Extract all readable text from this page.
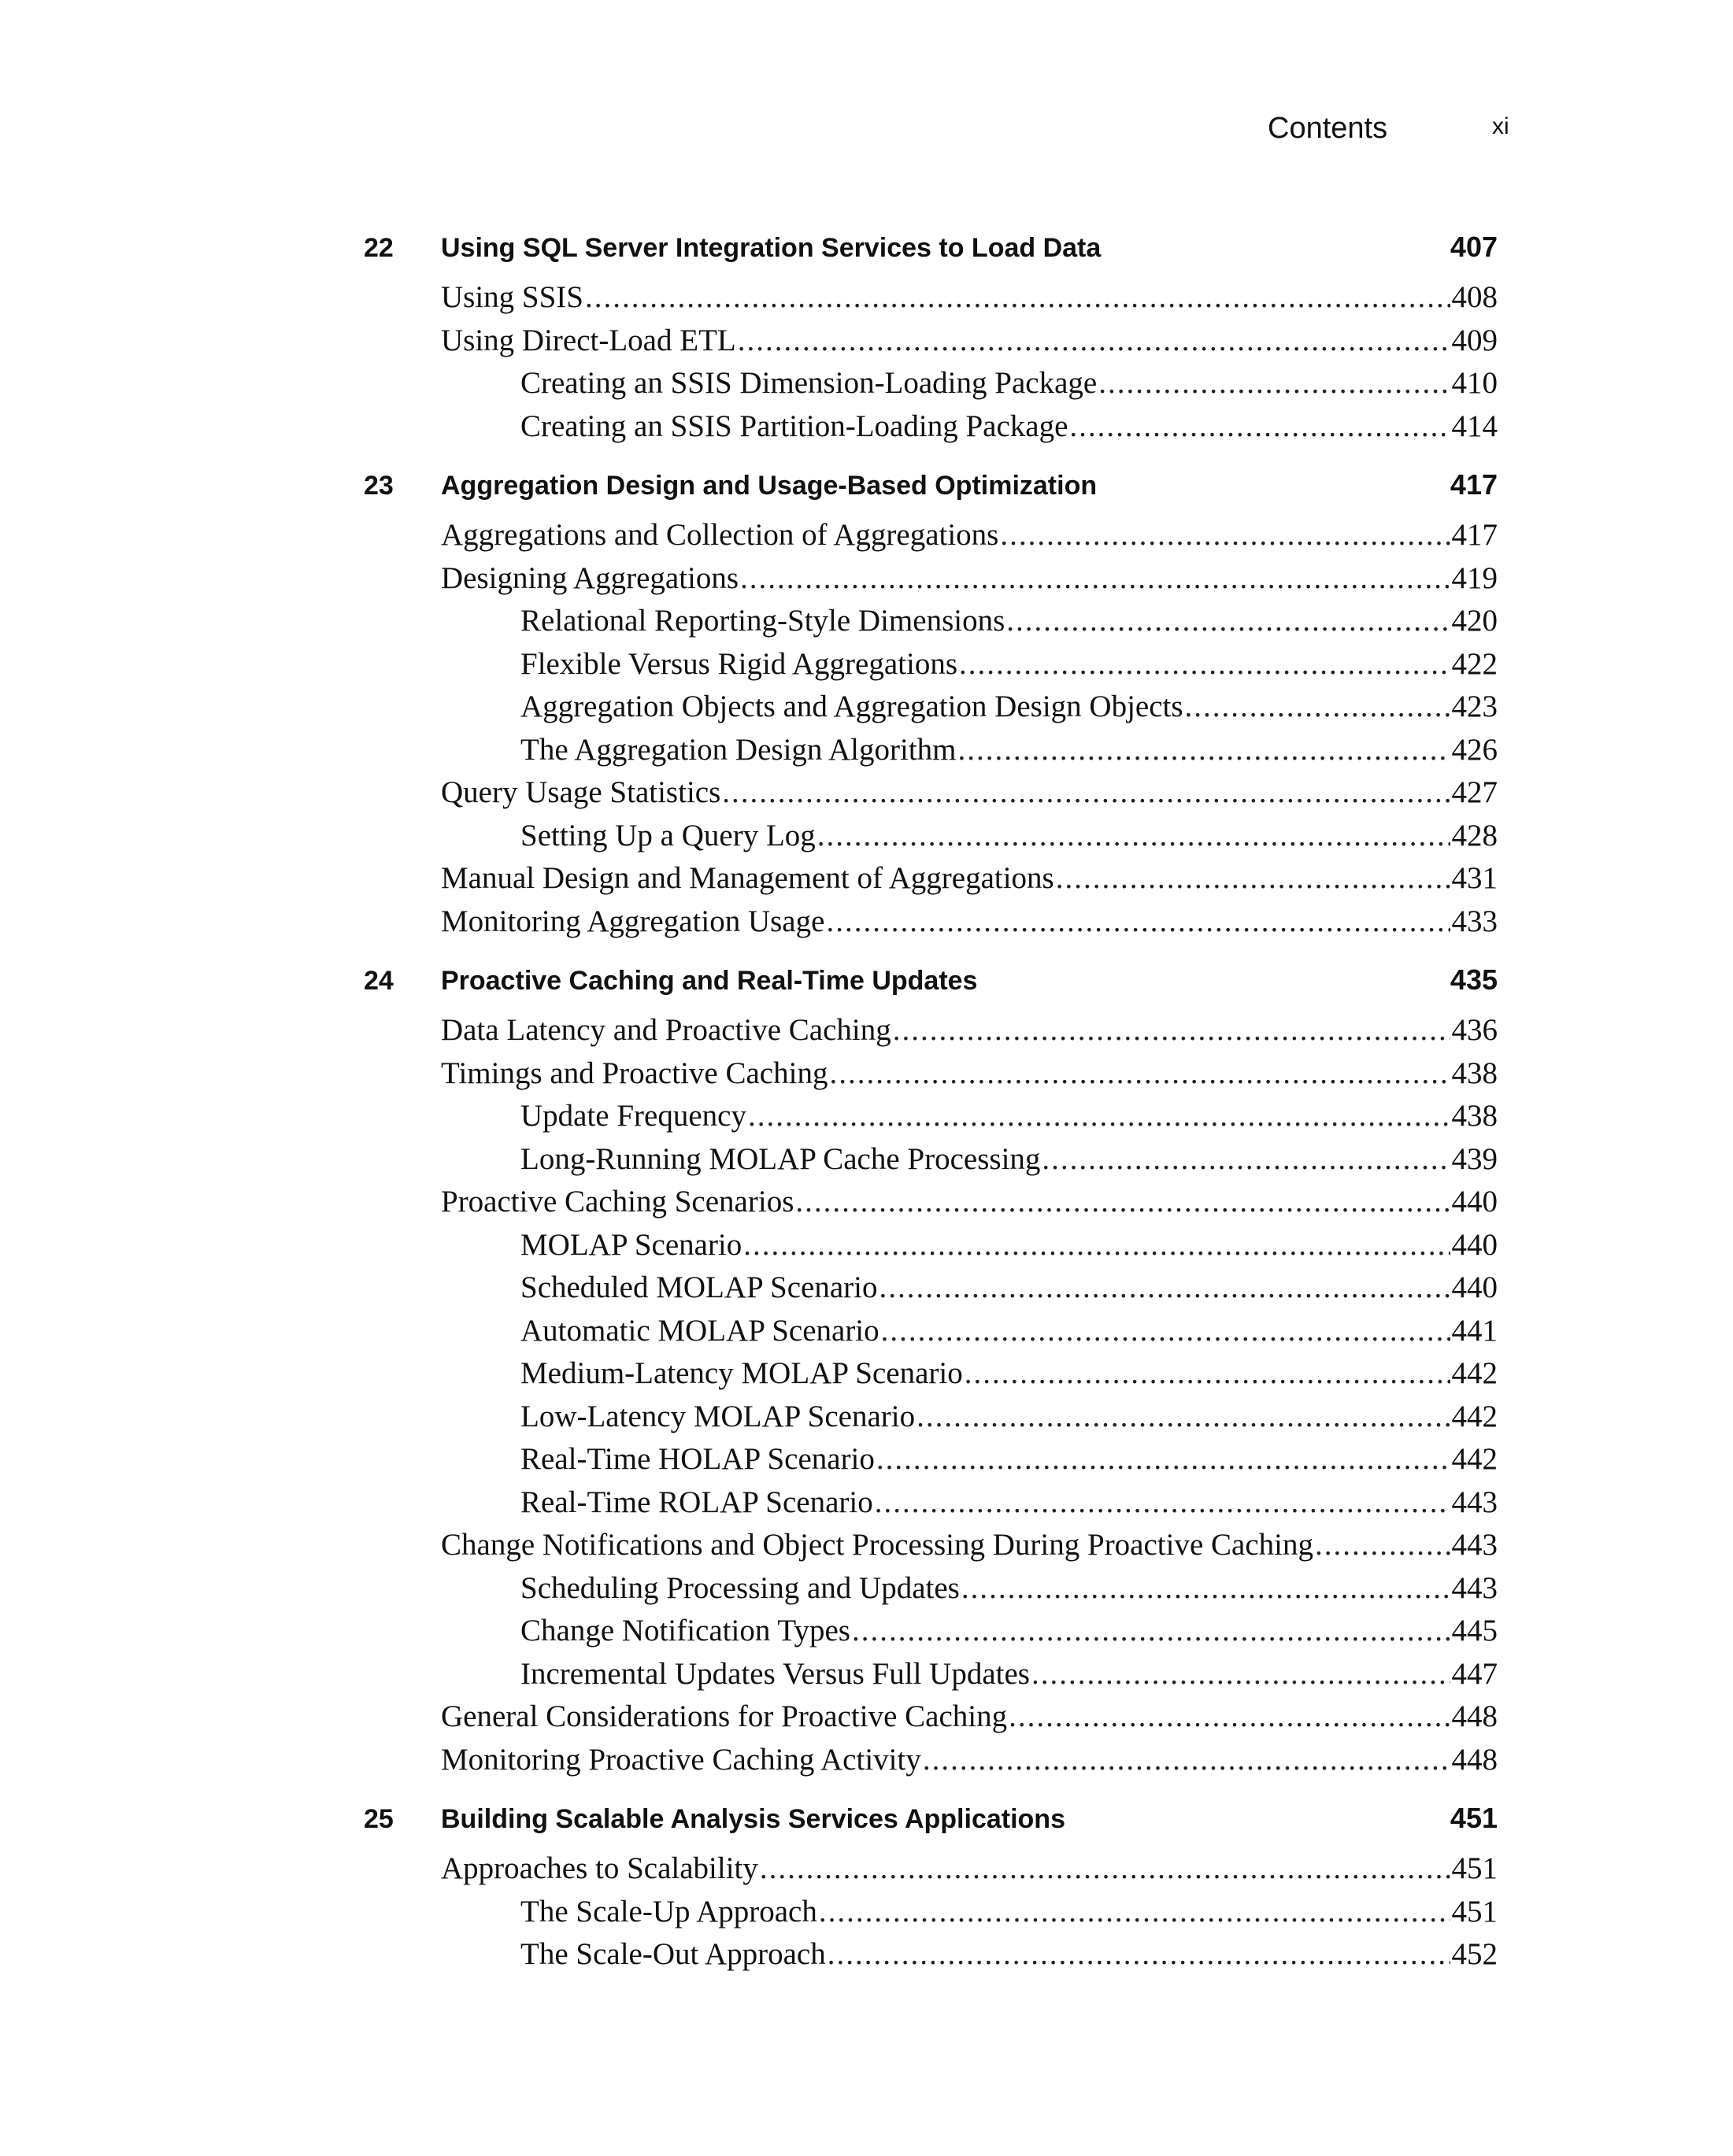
Contents	xi
22	Using SQL Server Integration Services to Load Data	407
Using SSIS .....	408
Using Direct-Load ETL .....	409
Creating an SSIS Dimension-Loading Package .....	410
Creating an SSIS Partition-Loading Package .....	414
23	Aggregation Design and Usage-Based Optimization	417
Aggregations and Collection of Aggregations .....	417
Designing Aggregations .....	419
Relational Reporting-Style Dimensions .....	420
Flexible Versus Rigid Aggregations .....	422
Aggregation Objects and Aggregation Design Objects .....	423
The Aggregation Design Algorithm .....	426
Query Usage Statistics .....	427
Setting Up a Query Log .....	428
Manual Design and Management of Aggregations .....	431
Monitoring Aggregation Usage .....	433
24	Proactive Caching and Real-Time Updates	435
Data Latency and Proactive Caching .....	436
Timings and Proactive Caching .....	438
Update Frequency .....	438
Long-Running MOLAP Cache Processing .....	439
Proactive Caching Scenarios .....	440
MOLAP Scenario .....	440
Scheduled MOLAP Scenario .....	440
Automatic MOLAP Scenario .....	441
Medium-Latency MOLAP Scenario .....	442
Low-Latency MOLAP Scenario .....	442
Real-Time HOLAP Scenario .....	442
Real-Time ROLAP Scenario .....	443
Change Notifications and Object Processing During Proactive Caching .....	443
Scheduling Processing and Updates .....	443
Change Notification Types .....	445
Incremental Updates Versus Full Updates .....	447
General Considerations for Proactive Caching .....	448
Monitoring Proactive Caching Activity .....	448
25	Building Scalable Analysis Services Applications	451
Approaches to Scalability .....	451
The Scale-Up Approach .....	451
The Scale-Out Approach .....	452
